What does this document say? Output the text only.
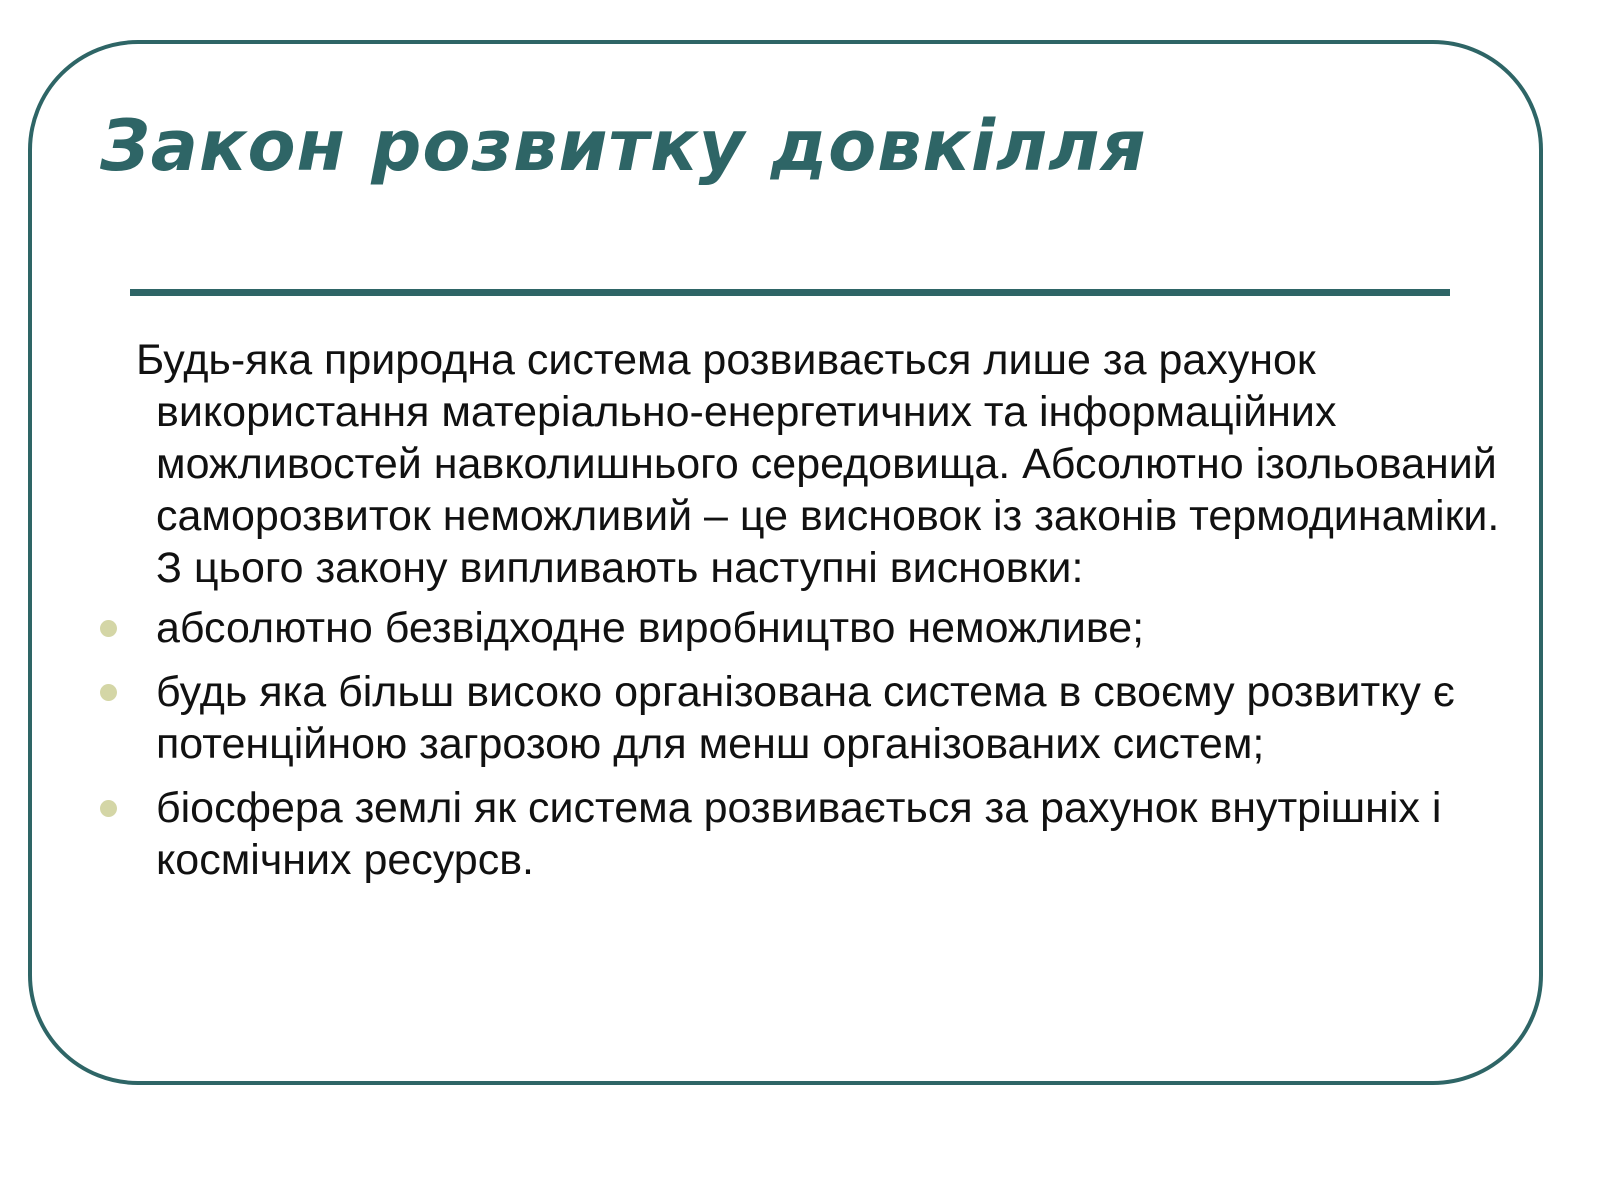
Закон розвитку довкілля

Будь-яка природна система розвивається лише за рахунок використання матеріально-енергетичних та інформаційних можливостей навколишнього середовища. Абсолютно ізольований саморозвиток неможливий – це висновок із законів термодинаміки. З цього закону випливають наступні висновки:

абсолютно безвідходне виробництво неможливе;
будь яка більш високо організована система в своєму розвитку є потенційною загрозою для менш організованих систем;
біосфера землі як система розвивається за рахунок внутрішніх і космічних ресурсв.
